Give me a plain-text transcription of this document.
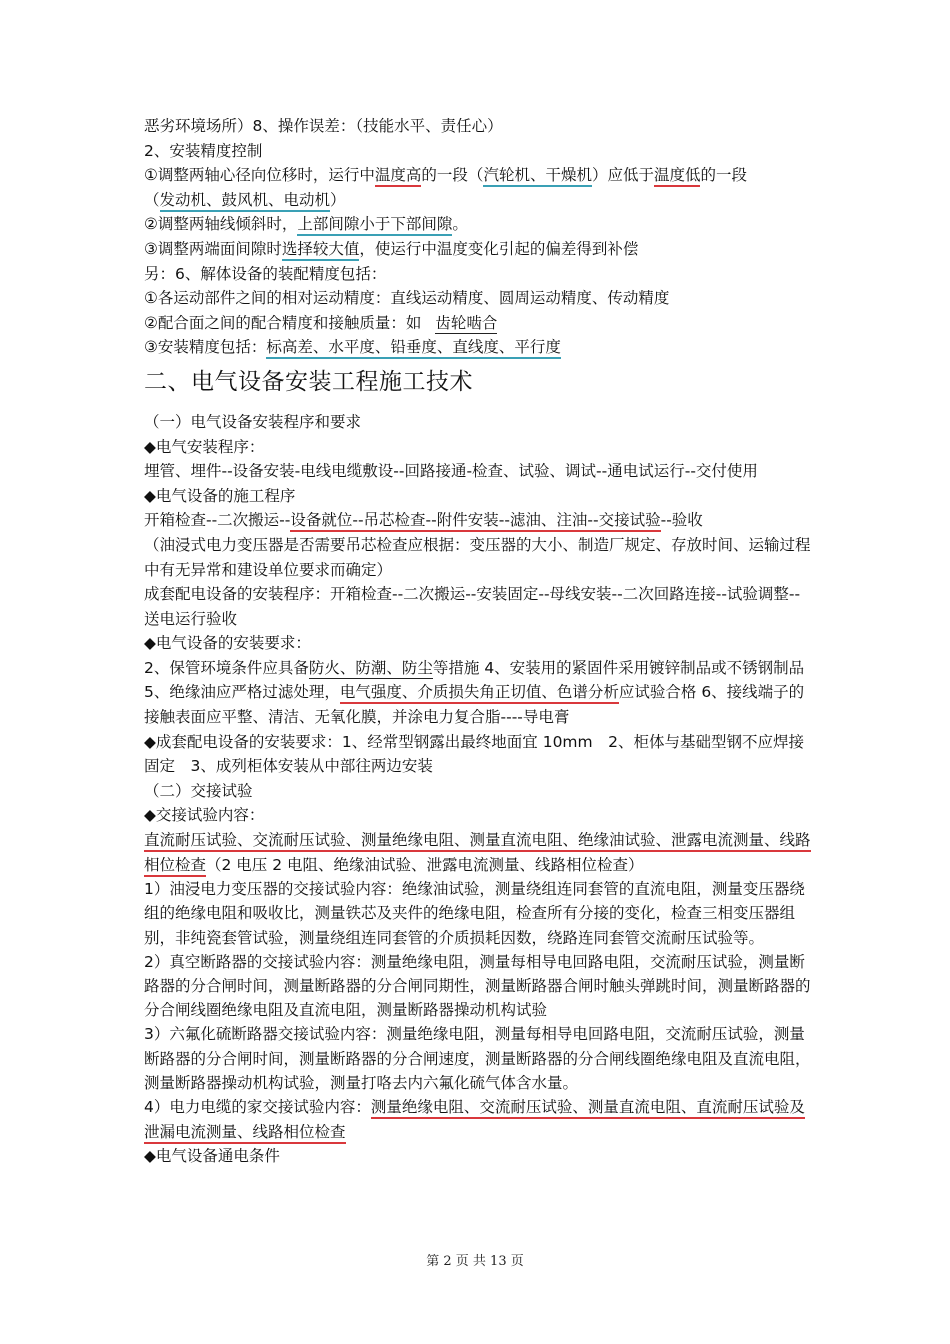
恶劣环境场所）8、操作误差：（技能水平、责任心）
2、安装精度控制
①调整两轴心径向位移时，运行中温度高的一段（汽轮机、干燥机）应低于温度低的一段
（发动机、鼓风机、电动机）
②调整两轴线倾斜时，上部间隙小于下部间隙。
③调整两端面间隙时选择较大值，使运行中温度变化引起的偏差得到补偿
另：6、解体设备的装配精度包括：
①各运动部件之间的相对运动精度：直线运动精度、圆周运动精度、传动精度
②配合面之间的配合精度和接触质量：如 齿轮啮合
③安装精度包括：标高差、水平度、铅垂度、直线度、平行度
二、电气设备安装工程施工技术
（一）电气设备安装程序和要求
◆电气安装程序：
埋管、埋件--设备安装-电线电缆敷设--回路接通-检查、试验、调试--通电试运行--交付使用
◆电气设备的施工程序
开箱检查--二次搬运--设备就位--吊芯检查--附件安装--滤油、注油--交接试验--验收
（油浸式电力变压器是否需要吊芯检查应根据：变压器的大小、制造厂规定、存放时间、运输过程中有无异常和建设单位要求而确定）
成套配电设备的安装程序：开箱检查--二次搬运--安装固定--母线安装--二次回路连接--试验调整--送电运行验收
◆电气设备的安装要求：
2、保管环境条件应具备防火、防潮、防尘等措施 4、安装用的紧固件采用镀锌制品或不锈钢制品 5、绝缘油应严格过滤处理，电气强度、介质损失角正切值、色谱分析应试验合格 6、接线端子的接触表面应平整、清洁、无氧化膜，并涂电力复合脂----导电膏
◆成套配电设备的安装要求：1、经常型钢露出最终地面宜 10mm　2、柜体与基础型钢不应焊接固定　3、成列柜体安装从中部往两边安装
（二）交接试验
◆交接试验内容：
直流耐压试验、交流耐压试验、测量绝缘电阻、测量直流电阻、绝缘油试验、泄露电流测量、线路相位检查（2 电压 2 电阻、绝缘油试验、泄露电流测量、线路相位检查）
1）油浸电力变压器的交接试验内容：绝缘油试验，测量绕组连同套管的直流电阻，测量变压器绕组的绝缘电阻和吸收比，测量铁芯及夹件的绝缘电阻，检查所有分接的变化，检查三相变压器组别，非纯瓷套管试验，测量绕组连同套管的介质损耗因数，绕路连同套管交流耐压试验等。
2）真空断路器的交接试验内容：测量绝缘电阻，测量每相导电回路电阻，交流耐压试验，测量断路器的分合闸时间，测量断路器的分合闸同期性，测量断路器合闸时触头弹跳时间，测量断路器的分合闸线圈绝缘电阻及直流电阻，测量断路器操动机构试验
3）六氟化硫断路器交接试验内容：测量绝缘电阻，测量每相导电回路电阻，交流耐压试验，测量断路器的分合闸时间，测量断路器的分合闸速度，测量断路器的分合闸线圈绝缘电阻及直流电阻，测量断路器操动机构试验，测量打咯去内六氟化硫气体含水量。
4）电力电缆的家交接试验内容：测量绝缘电阻、交流耐压试验、测量直流电阻、直流耐压试验及泄漏电流测量、线路相位检查
◆电气设备通电条件
第 2 页 共 13 页
